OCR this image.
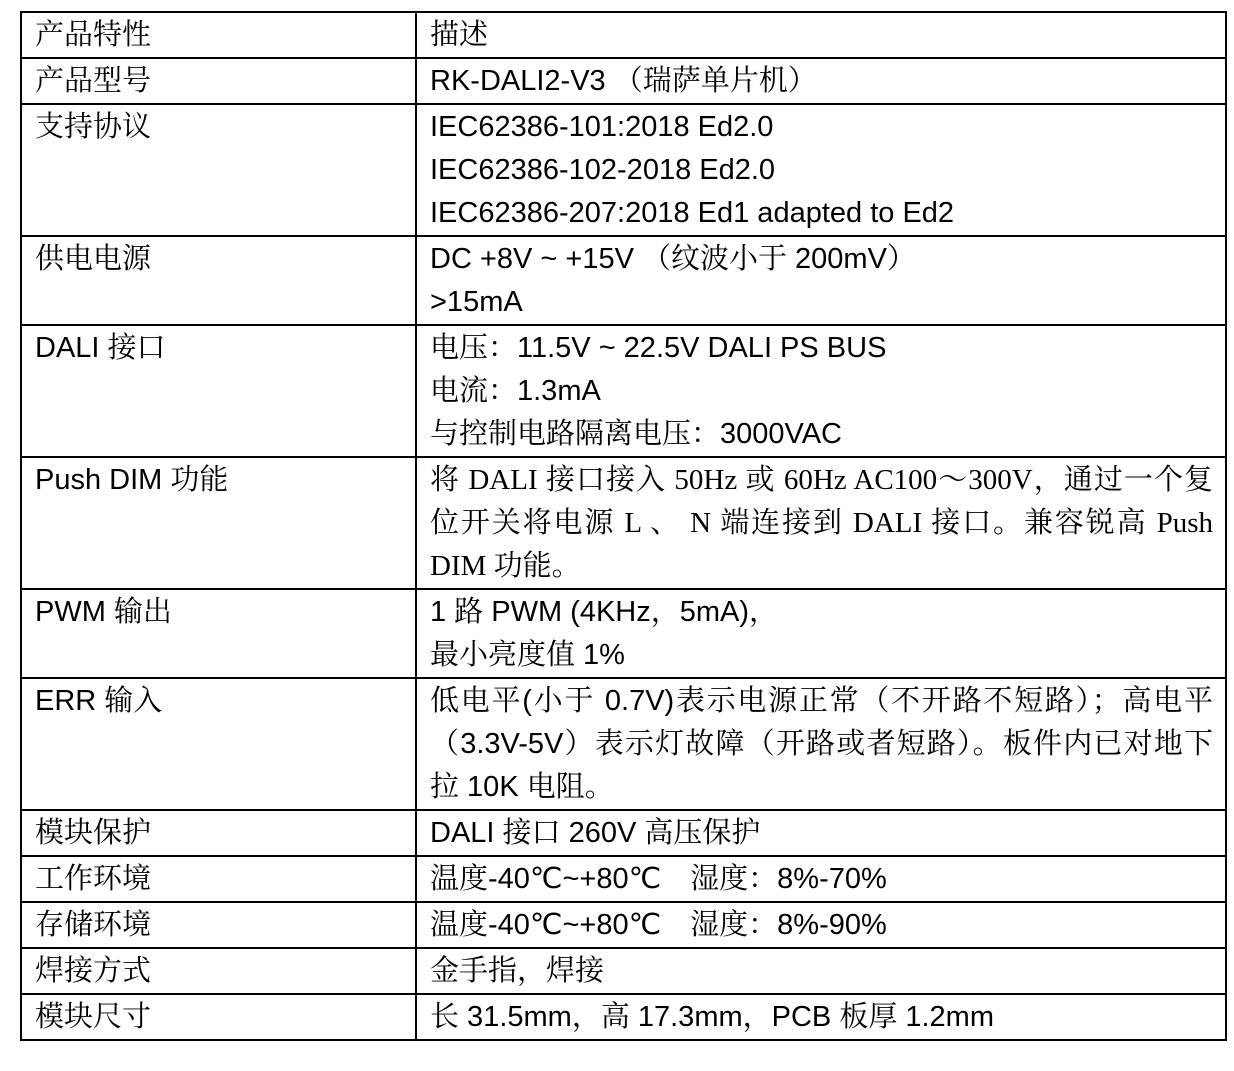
产品特性	描述
产品型号	RK-DALI2-V3 （瑞萨单片机）
支持协议	IEC62386-101:2018 Ed2.0
IEC62386-102-2018 Ed2.0
IEC62386-207:2018 Ed1 adapted to Ed2
供电电源	DC +8V ~ +15V （纹波小于 200mV）
>15mA
DALI 接口	电压：11.5V ~ 22.5V DALI PS BUS
电流：1.3mA
与控制电路隔离电压：3000VAC
Push DIM 功能	将 DALI 接口接入 50Hz 或 60Hz AC100～300V，通过一个复位开关将电源 L 、 N 端连接到 DALI 接口。兼容锐高 Push DIM 功能。
PWM 输出	1 路 PWM (4KHz，5mA)，
最小亮度值 1%
ERR 输入	低电平(小于 0.7V)表示电源正常（不开路不短路）；高电平（3.3V-5V）表示灯故障（开路或者短路）。板件内已对地下拉 10K 电阻。
模块保护	DALI 接口 260V 高压保护
工作环境	温度-40℃~+80℃　湿度：8%-70%
存储环境	温度-40℃~+80℃　湿度：8%-90%
焊接方式	金手指，焊接
模块尺寸	长 31.5mm，高 17.3mm，PCB 板厚 1.2mm
